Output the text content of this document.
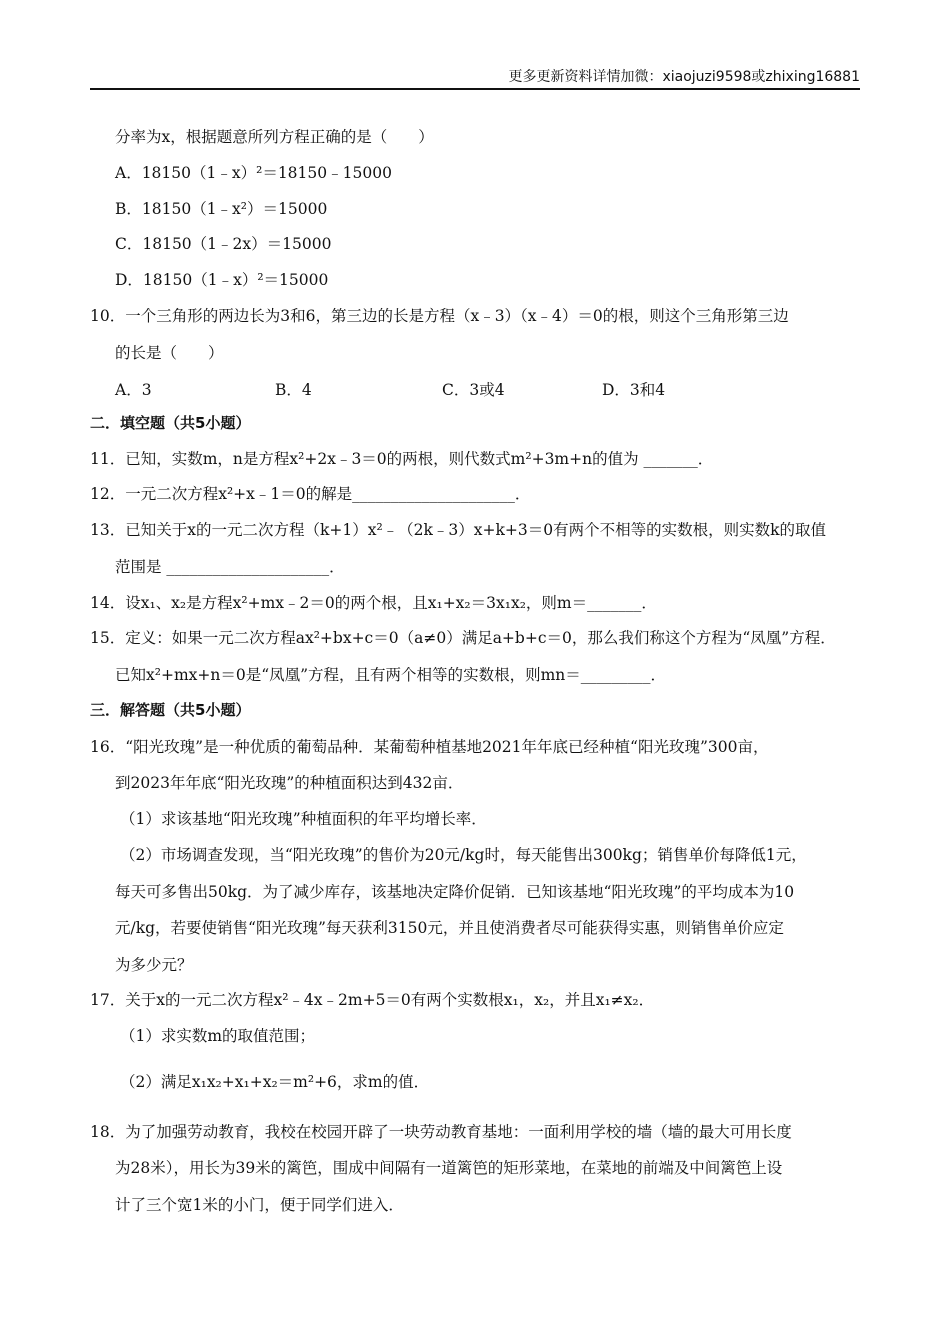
更多更新资料详情加微：xiaojuzi9598或zhixing16881
分率为x，根据题意所列方程正确的是（　　）
A．18150（1﹣x）²＝18150﹣15000
B．18150（1﹣x²）＝15000
C．18150（1﹣2x）＝15000
D．18150（1﹣x）²＝15000
10．一个三角形的两边长为3和6，第三边的长是方程（x﹣3）（x﹣4）＝0的根，则这个三角形第三边
的长是（　　）
A．3	B．4	C．3或4	D．3和4
二．填空题（共5小题）
11．已知，实数m，n是方程x²+2x﹣3＝0的两根，则代数式m²+3m+n的值为 _______．
12．一元二次方程x²+x﹣1＝0的解是_____________________．
13．已知关于x的一元二次方程（k+1）x²﹣（2k﹣3）x+k+3＝0有两个不相等的实数根，则实数k的取值
范围是 _____________________．
14．设x₁、x₂是方程x²+mx﹣2＝0的两个根，且x₁+x₂＝3x₁x₂，则m＝_______．
15．定义：如果一元二次方程ax²+bx+c＝0（a≠0）满足a+b+c＝0，那么我们称这个方程为“凤凰”方程．
已知x²+mx+n＝0是“凤凰”方程，且有两个相等的实数根，则mn＝_________．
三．解答题（共5小题）
16．“阳光玫瑰”是一种优质的葡萄品种．某葡萄种植基地2021年年底已经种植“阳光玫瑰”300亩，
到2023年年底“阳光玫瑰”的种植面积达到432亩．
（1）求该基地“阳光玫瑰”种植面积的年平均增长率．
（2）市场调查发现，当“阳光玫瑰”的售价为20元/kg时，每天能售出300kg；销售单价每降低1元，
每天可多售出50kg．为了减少库存，该基地决定降价促销．已知该基地“阳光玫瑰”的平均成本为10
元/kg，若要使销售“阳光玫瑰”每天获利3150元，并且使消费者尽可能获得实惠，则销售单价应定
为多少元？
17．关于x的一元二次方程x²﹣4x﹣2m+5＝0有两个实数根x₁，x₂，并且x₁≠x₂．
（1）求实数m的取值范围；
（2）满足x₁x₂+x₁+x₂＝m²+6，求m的值．
18．为了加强劳动教育，我校在校园开辟了一块劳动教育基地：一面利用学校的墙（墙的最大可用长度
为28米），用长为39米的篱笆，围成中间隔有一道篱笆的矩形菜地，在菜地的前端及中间篱笆上设
计了三个宽1米的小门，便于同学们进入．
